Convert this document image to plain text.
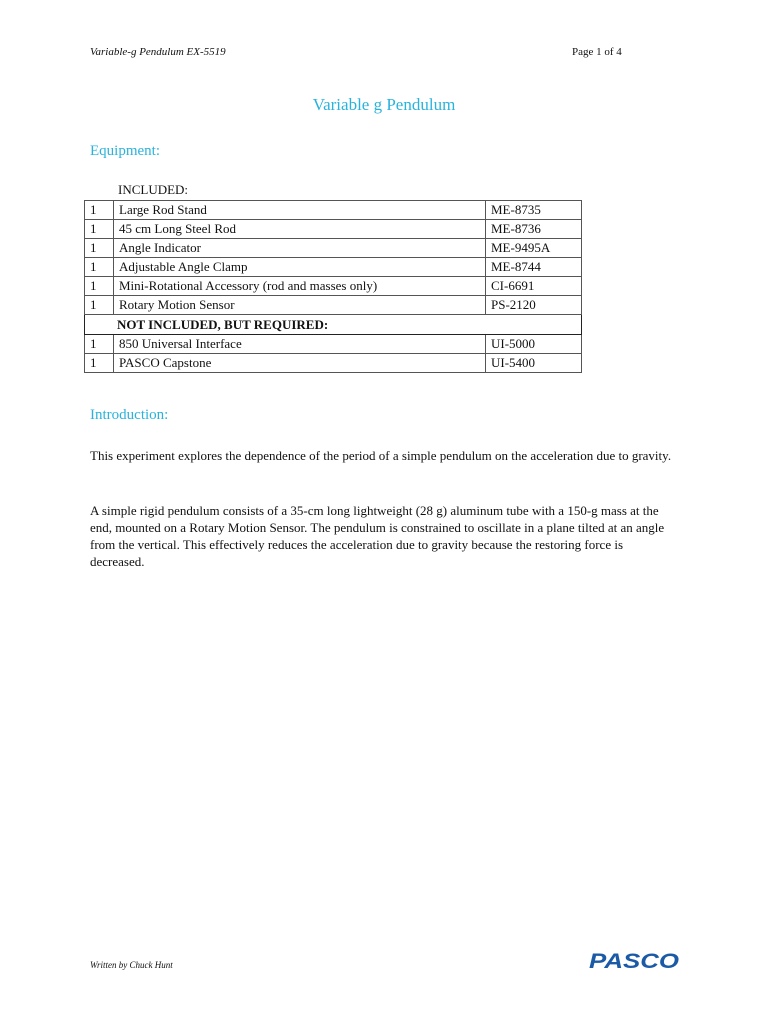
Variable-g Pendulum EX-5519	Page 1 of 4
Variable g Pendulum
Equipment:
INCLUDED:
1	Large Rod Stand	ME-8735
1	45 cm Long Steel Rod	ME-8736
1	Angle Indicator	ME-9495A
1	Adjustable Angle Clamp	ME-8744
1	Mini-Rotational Accessory (rod and masses only)	CI-6691
1	Rotary Motion Sensor	PS-2120
NOT INCLUDED, BUT REQUIRED:		
1	850 Universal Interface	UI-5000
1	PASCO Capstone	UI-5400
Introduction:

This experiment explores the dependence of the period of a simple pendulum on the acceleration due to gravity.

A simple rigid pendulum consists of a 35-cm long lightweight (28 g) aluminum tube with a 150-g mass at the end, mounted on a Rotary Motion Sensor. The pendulum is constrained to oscillate in a plane tilted at an angle from the vertical. This effectively reduces the acceleration due to gravity because the restoring force is decreased.

Written by Chuck Hunt	PASCO
